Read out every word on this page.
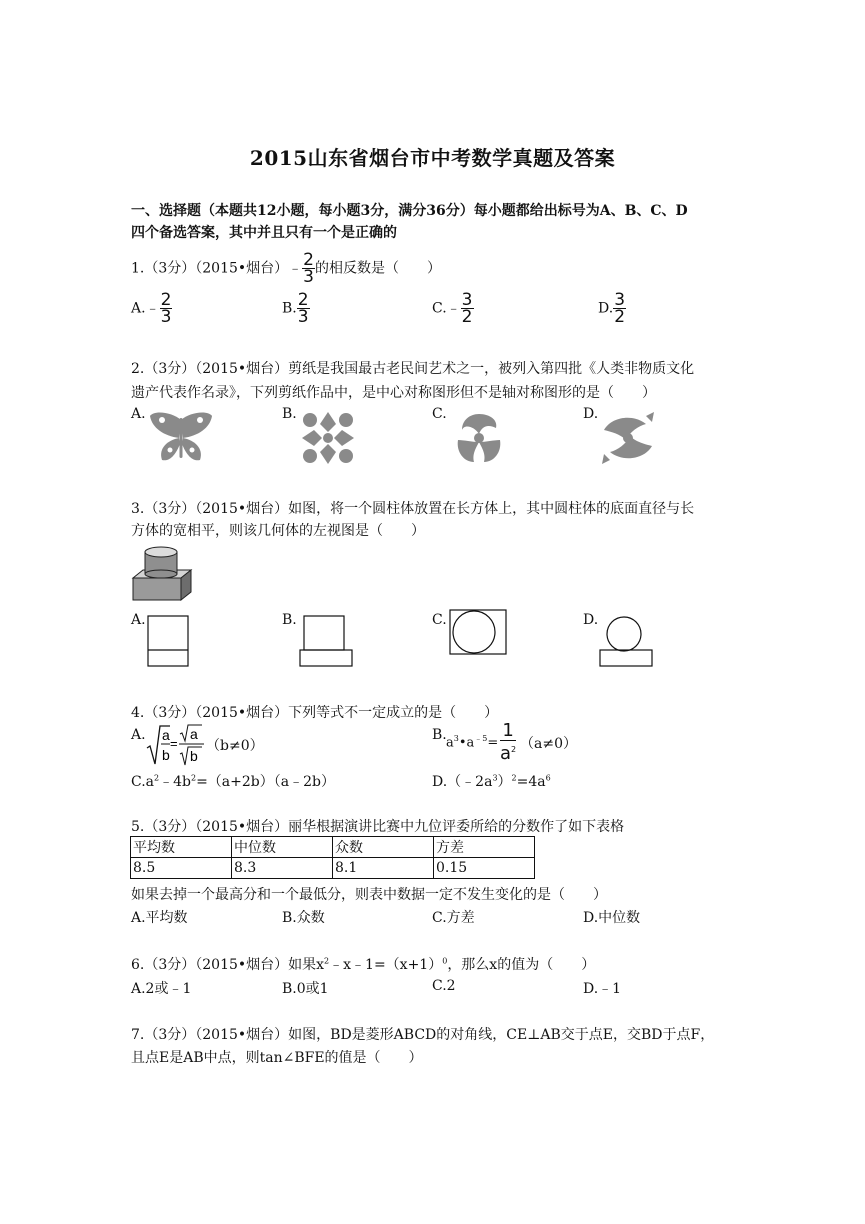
2015山东省烟台市中考数学真题及答案
一、选择题（本题共12小题，每小题3分，满分36分）每小题都给出标号为A、B、C、D
四个备选答案，其中并且只有一个是正确的
1.（3分）（2015•烟台）﹣ $\frac{2}{3}$ 的相反数是（　　）
A.﹣ $\frac{2}{3}$	B. $\frac{2}{3}$	C.﹣ $\frac{3}{2}$	D. $\frac{3}{2}$
2.（3分）（2015•烟台）剪纸是我国最古老民间艺术之一，被列入第四批《人类非物质文化
遗产代表作名录》，下列剪纸作品中，是中心对称图形但不是轴对称图形的是（　　）
A.	B.	C.	D.
3.（3分）（2015•烟台）如图，将一个圆柱体放置在长方体上，其中圆柱体的底面直径与长
方体的宽相平，则该几何体的左视图是（　　）
A.	B.	C.	D.
4.（3分）（2015•烟台）下列等式不一定成立的是（　　）
A. a
b
=
a
b
（b≠0）
B. $a^3•a^{﹣5}= \frac{1}{a^2} (a\ne 0)$
$C.a^2﹣4b^2=(a+2b)(a﹣2b)$	$D.(﹣2a^3)^2=4a^6$
5.（3分）（2015•烟台）丽华根据演讲比赛中九位评委所给的分数作了如下表格
平均数	中位数	众数	方差
8.5	8.3	8.1	0.15
如果去掉一个最高分和一个最低分，则表中数据一定不发生变化的是（　　）
A.平均数	B.众数	C.方差	D.中位数
6.（3分）（2015•烟台）如果$x^2﹣x﹣1=(x+1)^0$，那么x的值为（　　）
A.2或﹣1	B.0或1	C.2	D.﹣1
7.（3分）（2015•烟台）如图，BD是菱形ABCD的对角线，CE⊥AB交于点E，交BD于点F，
且点E是AB中点，则tan∠BFE的值是（　　）
